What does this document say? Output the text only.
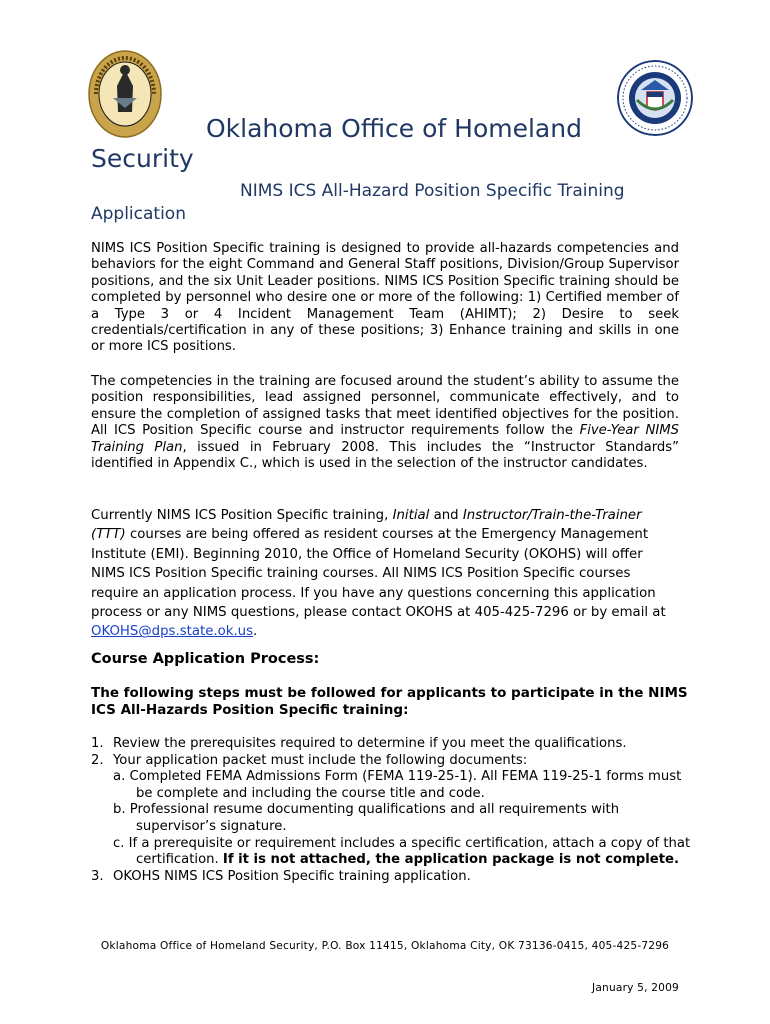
Oklahoma Office of Homeland
Security
NIMS ICS All-Hazard Position Specific Training
Application
NIMS ICS Position Specific training is designed to provide all-hazards competencies and behaviors for the eight Command and General Staff positions, Division/Group Supervisor positions, and the six Unit Leader positions. NIMS ICS Position Specific training should be completed by personnel who desire one or more of the following: 1) Certified member of a Type 3 or 4 Incident Management Team (AHIMT); 2) Desire to seek credentials/certification in any of these positions; 3) Enhance training and skills in one or more ICS positions.
The competencies in the training are focused around the student’s ability to assume the position responsibilities, lead assigned personnel, communicate effectively, and to ensure the completion of assigned tasks that meet identified objectives for the position. All ICS Position Specific course and instructor requirements follow the Five-Year NIMS Training Plan, issued in February 2008. This includes the “Instructor Standards” identified in Appendix C., which is used in the selection of the instructor candidates.
Currently NIMS ICS Position Specific training, Initial and Instructor/Train-the-Trainer (TTT) courses are being offered as resident courses at the Emergency Management Institute (EMI). Beginning 2010, the Office of Homeland Security (OKOHS) will offer NIMS ICS Position Specific training courses. All NIMS ICS Position Specific courses require an application process. If you have any questions concerning this application process or any NIMS questions, please contact OKOHS at 405-425-7296 or by email at OKOHS@dps.state.ok.us.
Course Application Process:
The following steps must be followed for applicants to participate in the NIMS ICS All-Hazards Position Specific training:
1. Review the prerequisites required to determine if you meet the qualifications.
2. Your application packet must include the following documents:
a. Completed FEMA Admissions Form (FEMA 119-25-1). All FEMA 119-25-1 forms must be complete and including the course title and code.
b. Professional resume documenting qualifications and all requirements with supervisor’s signature.
c. If a prerequisite or requirement includes a specific certification, attach a copy of that certification. If it is not attached, the application package is not complete.
3. OKOHS NIMS ICS Position Specific training application.
Oklahoma Office of Homeland Security, P.O. Box 11415, Oklahoma City, OK 73136-0415, 405-425-7296
January 5, 2009
